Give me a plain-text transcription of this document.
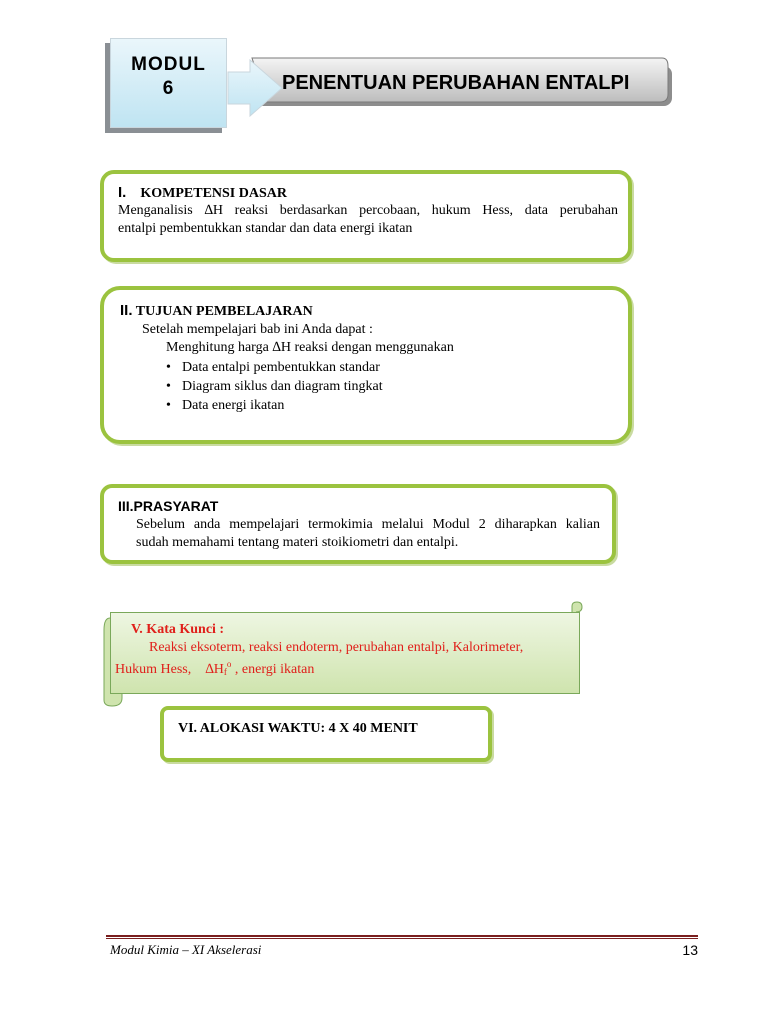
MODUL
6	PENENTUAN PERUBAHAN ENTALPI
I. KOMPETENSI DASAR
Menganalisis ∆H reaksi berdasarkan percobaan, hukum Hess, data perubahan
entalpi pembentukkan standar dan data energi ikatan
II. TUJUAN PEMBELAJARAN
Setelah mempelajari bab ini Anda dapat :
Menghitung harga ∆H reaksi dengan menggunakan
• Data entalpi pembentukkan standar
• Diagram siklus dan diagram tingkat
• Data energi ikatan
III.PRASYARAT
Sebelum anda mempelajari termokimia melalui Modul 2 diharapkan kalian
sudah memahami tentang materi stoikiometri dan entalpi.
V. Kata Kunci :
Reaksi eksoterm, reaksi endoterm, perubahan entalpi, Kalorimeter,
Hukum Hess,    ∆Hf$^o$ , energi ikatan
VI. ALOKASI WAKTU: 4 X 40 MENIT
Modul Kimia – XI Akselerasi	13
